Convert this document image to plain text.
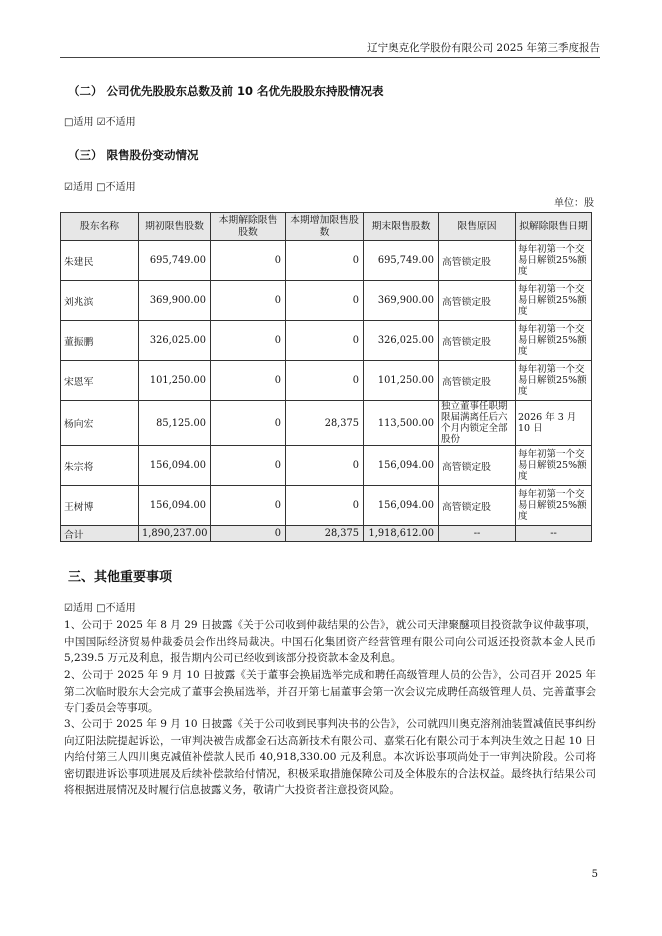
辽宁奥克化学股份有限公司 2025 年第三季度报告
（二） 公司优先股股东总数及前 10 名优先股股东持股情况表
□适用 ☑不适用
（三） 限售股份变动情况
☑适用 □不适用
单位：股
股东名称	期初限售股数	本期解除限售股数	本期增加限售股数	期末限售股数	限售原因	拟解除限售日期
朱建民	695,749.00	0	0	695,749.00	高管锁定股	每年初第一个交易日解锁25%额度
刘兆滨	369,900.00	0	0	369,900.00	高管锁定股	每年初第一个交易日解锁25%额度
董振鹏	326,025.00	0	0	326,025.00	高管锁定股	每年初第一个交易日解锁25%额度
宋恩军	101,250.00	0	0	101,250.00	高管锁定股	每年初第一个交易日解锁25%额度
杨向宏	85,125.00	0	28,375	113,500.00	独立董事任职期限届满离任后六个月内锁定全部股份	2026 年 3 月 10 日
朱宗将	156,094.00	0	0	156,094.00	高管锁定股	每年初第一个交易日解锁25%额度
王树博	156,094.00	0	0	156,094.00	高管锁定股	每年初第一个交易日解锁25%额度
合计	1,890,237.00	0	28,375	1,918,612.00	--	--
三、其他重要事项
☑适用 □不适用
1、公司于 2025 年 8 月 29 日披露《关于公司收到仲裁结果的公告》，就公司天津聚醚项目投资款争议仲裁事项，中国国际经济贸易仲裁委员会作出终局裁决。中国石化集团资产经营管理有限公司向公司返还投资款本金人民币 5,239.5 万元及利息，报告期内公司已经收到该部分投资款本金及利息。
2、公司于 2025 年 9 月 10 日披露《关于董事会换届选举完成和聘任高级管理人员的公告》，公司召开 2025 年第二次临时股东大会完成了董事会换届选举，并召开第七届董事会第一次会议完成聘任高级管理人员、完善董事会专门委员会等事项。
3、公司于 2025 年 9 月 10 日披露《关于公司收到民事判决书的公告》，公司就四川奥克溶剂油装置减值民事纠纷向辽阳法院提起诉讼，一审判决被告成都金石达高新技术有限公司、嘉棠石化有限公司于本判决生效之日起 10 日内给付第三人四川奥克减值补偿款人民币 40,918,330.00 元及利息。本次诉讼事项尚处于一审判决阶段。公司将密切跟进诉讼事项进展及后续补偿款给付情况，积极采取措施保障公司及全体股东的合法权益。最终执行结果公司将根据进展情况及时履行信息披露义务，敬请广大投资者注意投资风险。
5
